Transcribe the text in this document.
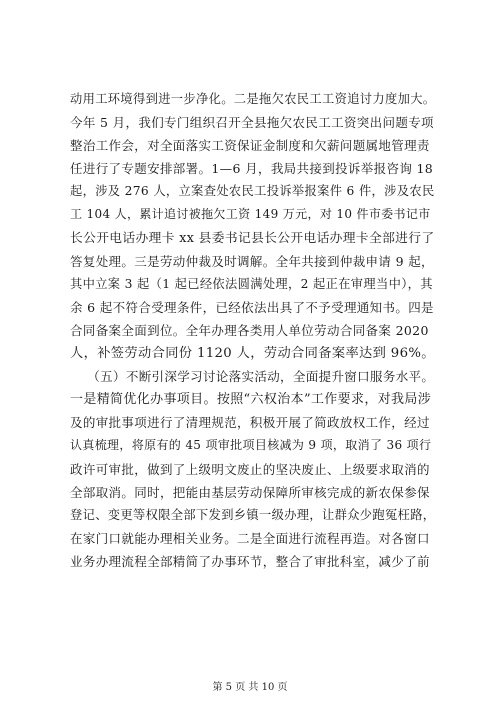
动用工环境得到进一步净化。二是拖欠农民工工资追讨力度加大。
今年 5 月，我们专门组织召开全县拖欠农民工工资突出问题专项
整治工作会，对全面落实工资保证金制度和欠薪问题属地管理责
任进行了专题安排部署。1—6 月，我局共接到投诉举报咨询 18
起，涉及 276 人，立案查处农民工投诉举报案件 6 件，涉及农民
工 104 人，累计追讨被拖欠工资 149 万元，对 10 件市委书记市
长公开电话办理卡 xx 县委书记县长公开电话办理卡全部进行了
答复处理。三是劳动仲裁及时调解。全年共接到仲裁申请 9 起，
其中立案 3 起（1 起已经依法圆满处理，2 起正在审理当中），其
余 6 起不符合受理条件，已经依法出具了不予受理通知书。四是
合同备案全面到位。全年办理各类用人单位劳动合同备案 2020
人，补签劳动合同份 1120 人，劳动合同备案率达到 96%。
（五）不断引深学习讨论落实活动，全面提升窗口服务水平。
一是精简优化办事项目。按照“六权治本”工作要求，对我局涉
及的审批事项进行了清理规范，积极开展了简政放权工作，经过
认真梳理，将原有的 45 项审批项目核减为 9 项，取消了 36 项行
政许可审批，做到了上级明文废止的坚决废止、上级要求取消的
全部取消。同时，把能由基层劳动保障所审核完成的新农保参保
登记、变更等权限全部下发到乡镇一级办理，让群众少跑冤枉路，
在家门口就能办理相关业务。二是全面进行流程再造。对各窗口
业务办理流程全部精简了办事环节，整合了审批科室，减少了前
第 5 页 共 10 页
